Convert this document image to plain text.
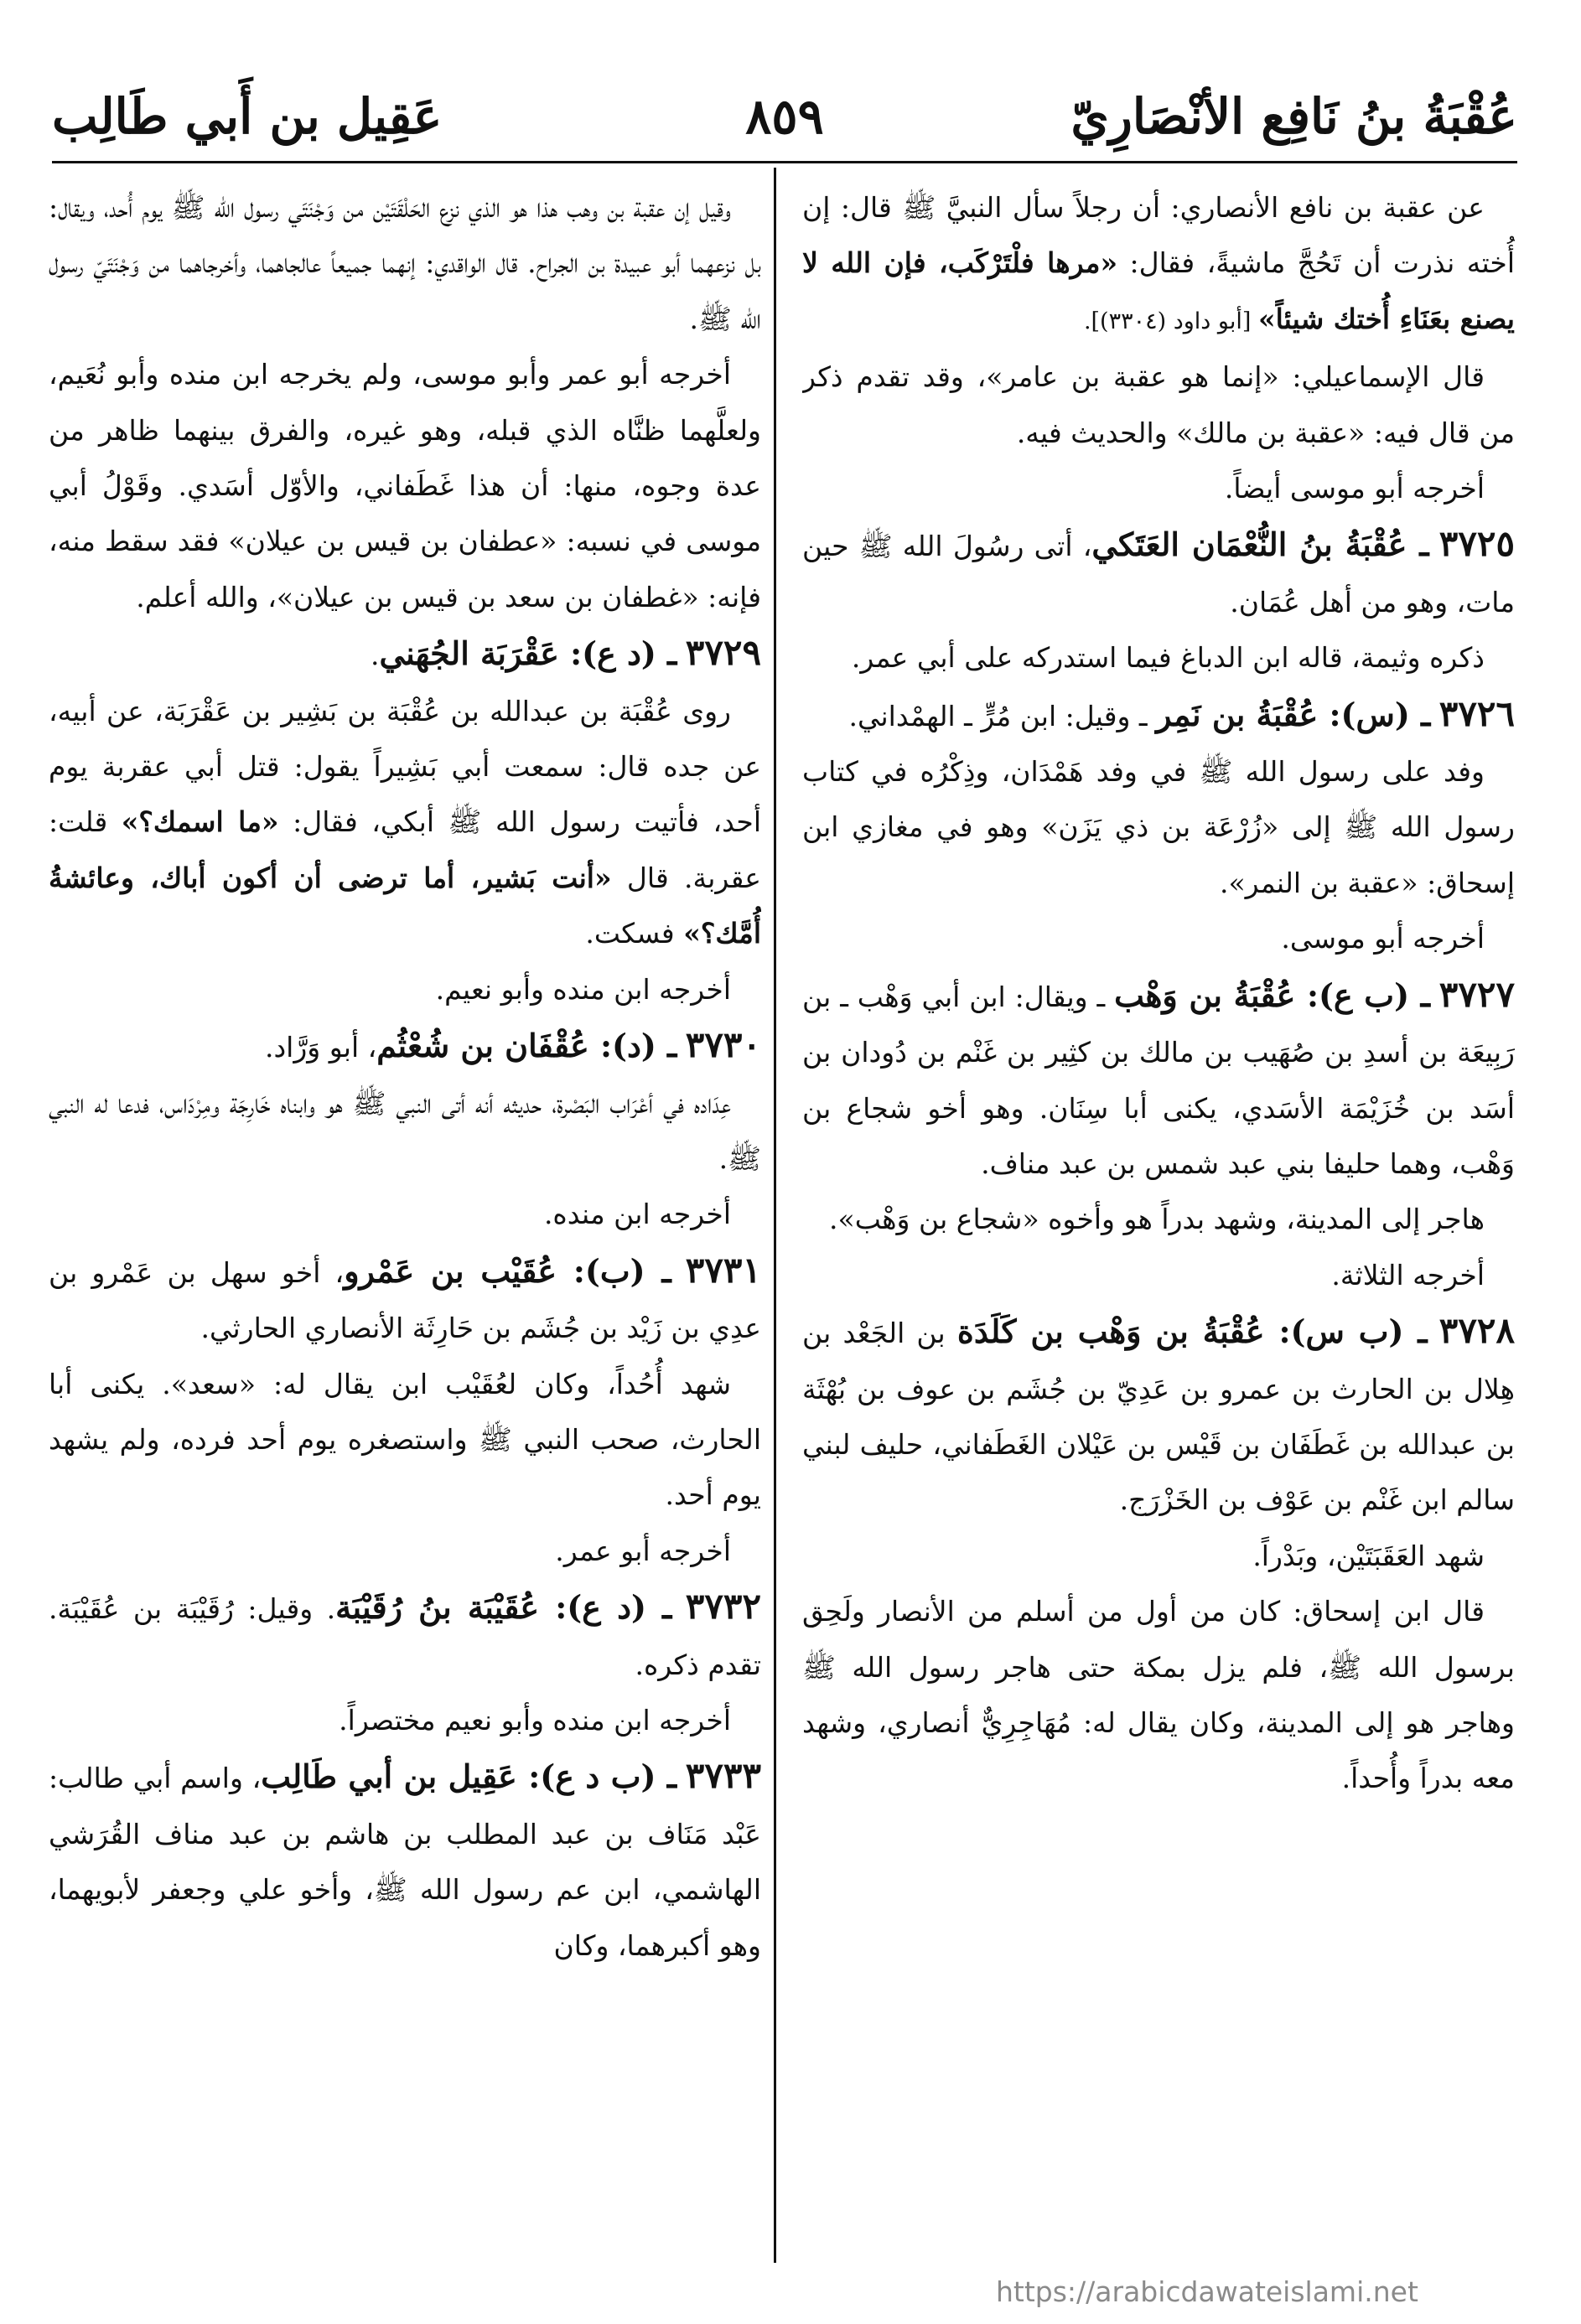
عُقْبَةُ بنُ نَافِع الأنْصَارِيّ
٨٥٩
عَقِيل بن أَبي طَالِب

عن عقبة بن نافع الأنصاري: أن رجلاً سأل النبيَّ ﷺ قال: إن أُخته نذرت أن تَحُجَّ ماشيةً، فقال: «مرها فلْتَرْكَب، فإن الله لا يصنع بعَنَاءِ أُختك شيئاً» [أبو داود (٣٣٠٤)].

قال الإسماعيلي: «إنما هو عقبة بن عامر»، وقد تقدم ذكر من قال فيه: «عقبة بن مالك» والحديث فيه.

أخرجه أبو موسى أيضاً.

٣٧٢٥ ـ عُقْبَةُ بنُ النُّعْمَان العَتَكي، أتى رسُولَ الله ﷺ حين مات، وهو من أهل عُمَان.

ذكره وثيمة، قاله ابن الدباغ فيما استدركه على أبي عمر.

٣٧٢٦ ـ (س): عُقْبَةُ بن نَمِر ـ وقيل: ابن مُرٍّ ـ الهمْداني.

وفد على رسول الله ﷺ في وفد هَمْدَان، وذِكْرُه في كتاب رسول الله ﷺ إلى «زُرْعَة بن ذي يَزَن» وهو في مغازي ابن إسحاق: «عقبة بن النمر».

أخرجه أبو موسى.

٣٧٢٧ ـ (ب ع): عُقْبَةُ بن وَهْب ـ ويقال: ابن أبي وَهْب ـ بن رَبِيعَة بن أسدِ بن صُهَيب بن مالك بن كثِير بن غَنْم بن دُودان بن أسَد بن خُزَيْمَة الأسَدي، يكنى أبا سِنَان. وهو أخو شجاع بن وَهْب، وهما حليفا بني عبد شمس بن عبد مناف.

هاجر إلى المدينة، وشهد بدراً هو وأخوه «شجاع بن وَهْب».

أخرجه الثلاثة.

٣٧٢٨ ـ (ب س): عُقْبَةُ بن وَهْب بن كَلَدَة بن الجَعْد بن هِلال بن الحارث بن عمرو بن عَدِيّ بن جُشَم بن عوف بن بُهْثَة بن عبدالله بن غَطَفَان بن قَيْس بن عَيْلان الغَطَفاني، حليف لبني سالم ابن غَنْم بن عَوْف بن الخَزْرَج.

شهد العَقَبَتَيْن، وبَدْراً.

قال ابن إسحاق: كان من أول من أسلم من الأنصار ولَحِق برسول الله ﷺ، فلم يزل بمكة حتى هاجر رسول الله ﷺ وهاجر هو إلى المدينة، وكان يقال له: مُهَاجِرِيٌّ أنصاري، وشهد معه بدراً وأُحداً.

وقيل إن عقبة بن وهب هذا هو الذي نزع الحَلْقَتَيْن من وَجْنَتَي رسول الله ﷺ يوم أُحد، ويقال: بل نزعهما أبو عبيدة بن الجراح. قال الواقدي: إنهما جميعاً عالجاهما، وأخرجاهما من وَجْنَتَيّ رسول الله ﷺ.

أخرجه أبو عمر وأبو موسى، ولم يخرجه ابن منده وأبو نُعَيم، ولعلَّهما ظنَّاه الذي قبله، وهو غيره، والفرق بينهما ظاهر من عدة وجوه، منها: أن هذا غَطَفاني، والأوّل أسَدي. وقَوْلُ أبي موسى في نسبه: «عطفان بن قيس بن عيلان» فقد سقط منه، فإنه: «غطفان بن سعد بن قيس بن عيلان»، والله أعلم.

٣٧٢٩ ـ (د ع): عَقْرَبَة الجُهَني.

روى عُقْبَة بن عبدالله بن عُقْبَة بن بَشِير بن عَقْرَبَة، عن أبيه، عن جده قال: سمعت أبي بَشِيراً يقول: قتل أبي عقربة يوم أحد، فأتيت رسول الله ﷺ أبكي، فقال: «ما اسمك؟» قلت: عقربة. قال «أنت بَشير، أما ترضى أن أكون أباك، وعائشةُ أُمَّك؟» فسكت.

أخرجه ابن منده وأبو نعيم.

٣٧٣٠ ـ (د): عُقْفَان بن شُعْثُم، أبو وَرَّاد.

عِدَاده في أعْرَاب البَصْرة، حديثه أنه أتى النبي ﷺ هو وابناه خَارِجَة ومِرْدَاس، فدعا له النبي ﷺ.

أخرجه ابن منده.

٣٧٣١ ـ (ب): عُقَيْب بن عَمْرو، أخو سهل بن عَمْرو بن عدِي بن زَيْد بن جُشَم بن حَارِثَة الأنصاري الحارثي.

شهد أُحُداً، وكان لعُقَيْب ابن يقال له: «سعد». يكنى أبا الحارث، صحب النبي ﷺ واستصغره يوم أحد فرده، ولم يشهد يوم أحد.

أخرجه أبو عمر.

٣٧٣٢ ـ (د ع): عُقَيْبَة بنُ رُقَيْبَة. وقيل: رُقَيْبَة بن عُقَيْبَة. تقدم ذكره.

أخرجه ابن منده وأبو نعيم مختصراً.

٣٧٣٣ ـ (ب د ع): عَقِيل بن أبي طَالِب، واسم أبي طالب: عَبْد مَنَاف بن عبد المطلب بن هاشم بن عبد مناف القُرَشي الهاشمي، ابن عم رسول الله ﷺ، وأخو علي وجعفر لأبويهما، وهو أكبرهما، وكان

https://arabicdawateislami.net
